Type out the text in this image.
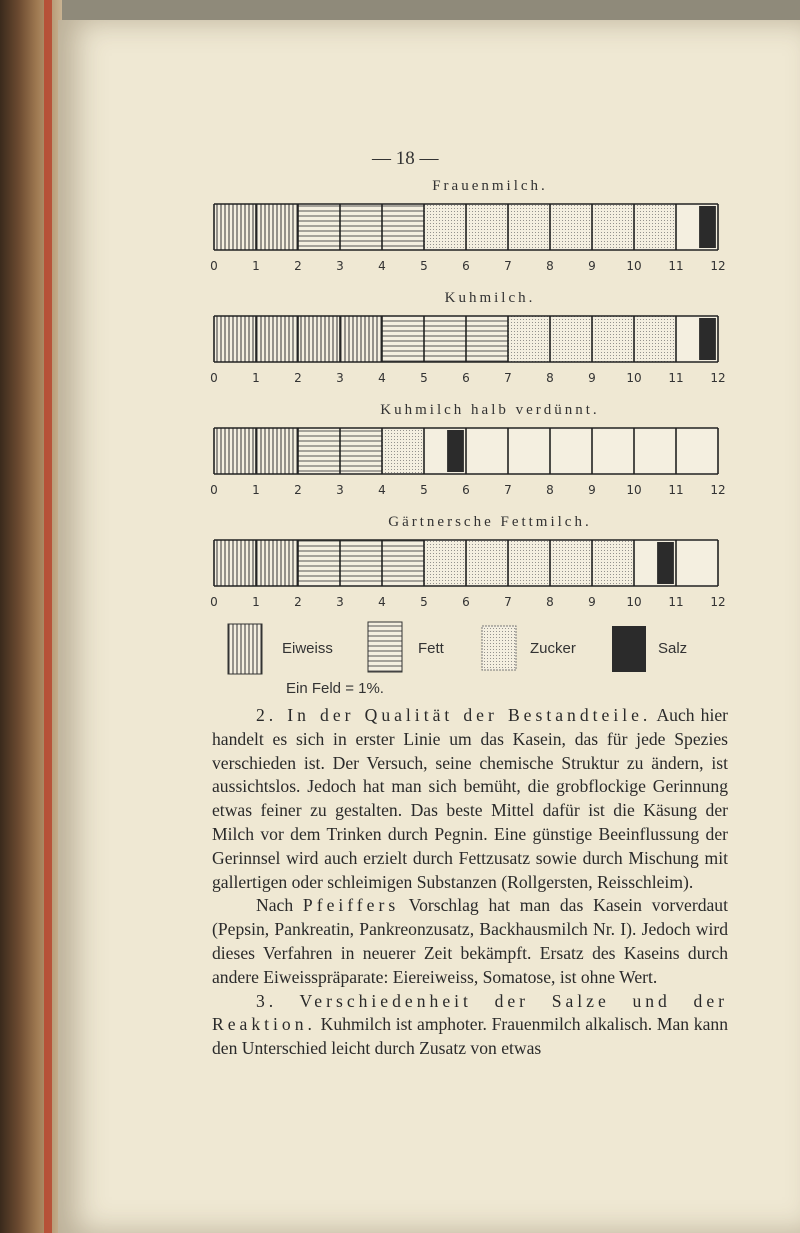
— 18 —
Frauenmilch.
Kuhmilch.
Kuhmilch halb verdünnt.
Gärtnersche Fettmilch.
0	1	2	3	4	5	6	7	8	9	10 11 12
0	1	2	3	4	5	6	7	8	9	10 11 12
0	1	2	3	4	5	6	7	8	9	10 11 12
0	1	2	3	4	5	6	7	8	9	10 11 12
Eiweiss	Fett	Zucker	Salz
Ein Feld = 1%.

2. In der Qualität der Bestandteile. Auch hier handelt es sich in erster Linie um das Kasein, das für jede Spezies verschieden ist. Der Versuch, seine chemische Struktur zu ändern, ist aussichtslos. Jedoch hat man sich bemüht, die grobflockige Gerinnung etwas feiner zu gestalten. Das beste Mittel dafür ist die Käsung der Milch vor dem Trinken durch Pegnin. Eine günstige Beeinflussung der Gerinnsel wird auch erzielt durch Fettzusatz sowie durch Mischung mit gallertigen oder schleimigen Substanzen (Rollgersten, Reisschleim).

Nach Pfeiffers Vorschlag hat man das Kasein vorverdaut (Pepsin, Pankreatin, Pankreonzusatz, Backhausmilch Nr. I). Jedoch wird dieses Verfahren in neuerer Zeit bekämpft. Ersatz des Kaseins durch andere Eiweisspräparate: Eiereiweiss, Somatose, ist ohne Wert.

3. Verschiedenheit der Salze und der Reaktion. Kuhmilch ist amphoter. Frauenmilch alkalisch. Man kann den Unterschied leicht durch Zusatz von etwas
